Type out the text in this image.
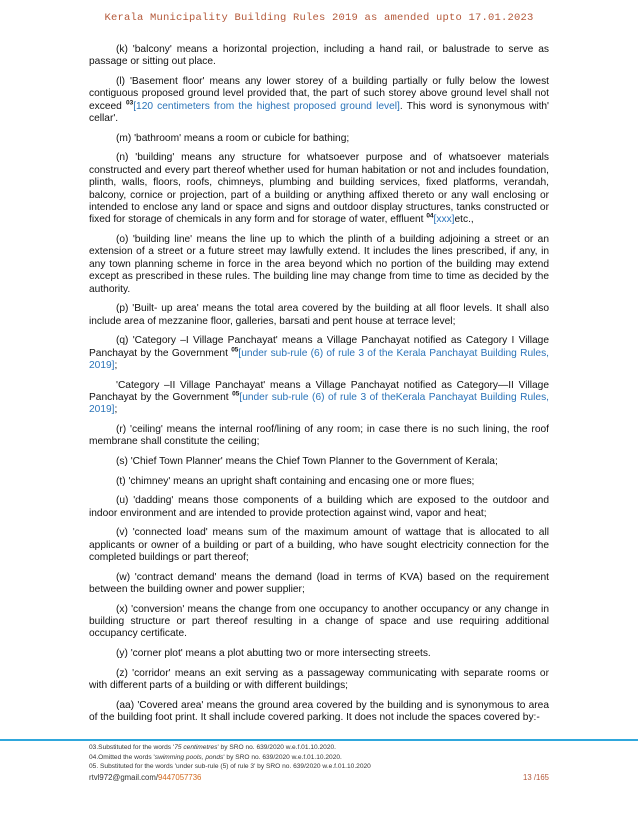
Kerala Municipality Building Rules 2019 as amended upto 17.01.2023

(k) 'balcony' means a horizontal projection, including a hand rail, or balustrade to serve as passage or sitting out place.

(l) 'Basement floor' means any lower storey of a building partially or fully below the lowest contiguous proposed ground level provided that, the part of such storey above ground level shall not exceed $^{03}$[120 centimeters from the highest proposed ground level]. This word is synonymous with' cellar'.

(m) 'bathroom' means a room or cubicle for bathing;

(n) 'building' means any structure for whatsoever purpose and of whatsoever materials constructed and every part thereof whether used for human habitation or not and includes foundation, plinth, walls, floors, roofs, chimneys, plumbing and building services, fixed platforms, verandah, balcony, cornice or projection, part of a building or anything affixed thereto or any wall enclosing or intended to enclose any land or space and signs and outdoor display structures, tanks constructed or fixed for storage of chemicals in any form and for storage of water, effluent $^{04}$[xxx]etc.,

(o) 'building line' means the line up to which the plinth of a building adjoining a street or an extension of a street or a future street may lawfully extend. It includes the lines prescribed, if any, in any town planning scheme in force in the area beyond which no portion of the building may extend except as prescribed in these rules. The building line may change from time to time as decided by the authority.

(p) 'Built- up area' means the total area covered by the building at all floor levels. It shall also include area of mezzanine floor, galleries, barsati and pent house at terrace level;

(q) 'Category –I Village Panchayat' means a Village Panchayat notified as Category I Village Panchayat by the Government $^{05}$[under sub-rule (6) of rule 3 of the Kerala Panchayat Building Rules, 2019];

'Category –II Village Panchayat' means a Village Panchayat notified as Category—II Village Panchayat by the Government $^{05}$[under sub-rule (6) of rule 3 of theKerala Panchayat Building Rules, 2019];

(r) 'ceiling' means the internal roof/lining of any room; in case there is no such lining, the roof membrane shall constitute the ceiling;

(s) 'Chief Town Planner' means the Chief Town Planner to the Government of Kerala;

(t) 'chimney' means an upright shaft containing and encasing one or more flues;

(u) 'dadding' means those components of a building which are exposed to the outdoor and indoor environment and are intended to provide protection against wind, vapor and heat;

(v) 'connected load' means sum of the maximum amount of wattage that is allocated to all applicants or owner of a building or part of a building, who have sought electricity connection for the completed buildings or part thereof;

(w) 'contract demand' means the demand (load in terms of KVA) based on the requirement between the building owner and power supplier;

(x) 'conversion' means the change from one occupancy to another occupancy or any change in building structure or part thereof resulting in a change of space and use requiring additional occupancy certificate.

(y) 'corner plot' means a plot abutting two or more intersecting streets.

(z) 'corridor' means an exit serving as a passageway communicating with separate rooms or with different parts of a building or with different buildings;

(aa) 'Covered area' means the ground area covered by the building and is synonymous to area of the building foot print. It shall include covered parking. It does not include the spaces covered by:-

03.Substituted for the words '75 centimetres' by SRO no. 639/2020 w.e.f.01.10.2020.
04.Omitted the words 'swimming pools, ponds' by SRO no. 639/2020 w.e.f.01.10.2020.
05. Substituted for the words 'under sub-rule (5) of rule 3' by SRO no. 639/2020 w.e.f.01.10.2020
rtvl972@gmail.com/9447057736	13 /165
